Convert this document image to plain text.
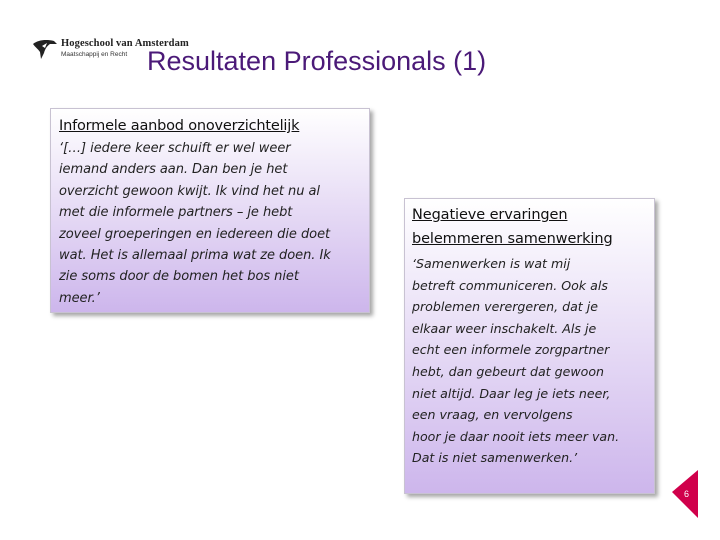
Hogeschool van Amsterdam
Maatschappij en Recht Resultaten Professionals (1)
Informele aanbod onoverzichtelijk
‘[…] iedere keer schuift er wel weer
iemand anders aan. Dan ben je het
overzicht gewoon kwijt. Ik vind het nu al
met die informele partners – je hebt
zoveel groeperingen en iedereen die doet
wat. Het is allemaal prima wat ze doen. Ik
zie soms door de bomen het bos niet
meer.’
Negatieve ervaringen
belemmeren samenwerking
‘Samenwerken is wat mij
betreft communiceren. Ook als
problemen verergeren, dat je
elkaar weer inschakelt. Als je
echt een informele zorgpartner
hebt, dan gebeurt dat gewoon
niet altijd. Daar leg je iets neer,
een vraag, en vervolgens
hoor je daar nooit iets meer van.
Dat is niet samenwerken.’
6
